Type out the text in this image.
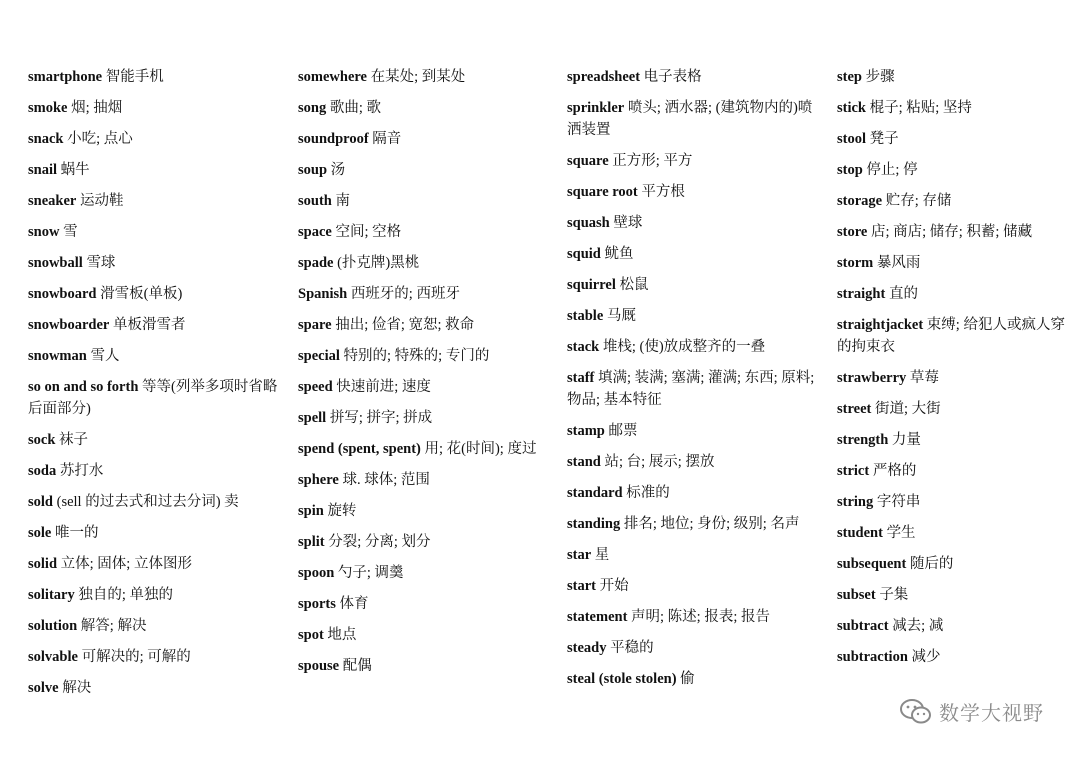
smartphone 智能手机
smoke 烟; 抽烟
snack 小吃; 点心
snail 蜗牛
sneaker 运动鞋
snow 雪
snowball 雪球
snowboard 滑雪板(单板)
snowboarder 单板滑雪者
snowman 雪人
so on and so forth 等等(列举多项时省略后面部分)
sock 袜子
soda 苏打水
sold (sell 的过去式和过去分词) 卖
sole 唯一的
solid 立体; 固体; 立体图形
solitary 独自的; 单独的
solution 解答; 解决
solvable 可解决的; 可解的
solve 解决
somewhere 在某处; 到某处
song 歌曲; 歌
soundproof 隔音
soup 汤
south 南
space 空间; 空格
spade (扑克牌)黑桃
Spanish 西班牙的; 西班牙
spare 抽出; 俭省; 宽恕; 救命
special 特别的; 特殊的; 专门的
speed 快速前进; 速度
spell 拼写; 拼字; 拼成
spend (spent, spent) 用; 花(时间); 度过
sphere 球. 球体; 范围
spin 旋转
split 分裂; 分离; 划分
spoon 勺子; 调羹
sports 体育
spot 地点
spouse 配偶
spreadsheet 电子表格
sprinkler 喷头; 洒水器; (建筑物内的)喷洒装置
square 正方形; 平方
square root 平方根
squash 壁球
squid 鱿鱼
squirrel 松鼠
stable 马厩
stack 堆栈; (使)放成整齐的一叠
staff 填满; 装满; 塞满; 灌满; 东西; 原料; 物品; 基本特征
stamp 邮票
stand 站; 台; 展示; 摆放
standard 标准的
standing 排名; 地位; 身份; 级别; 名声
star 星
start 开始
statement 声明; 陈述; 报表; 报告
steady 平稳的
steal (stole stolen) 偷
step 步骤
stick 棍子; 粘贴; 坚持
stool 凳子
stop 停止; 停
storage 贮存; 存储
store 店; 商店; 储存; 积蓄; 储藏
storm 暴风雨
straight 直的
straightjacket 束缚; 给犯人或疯人穿的拘束衣
strawberry 草莓
street 街道; 大街
strength 力量
strict 严格的
string 字符串
student 学生
subsequent 随后的
subset 子集
subtract 减去; 减
subtraction 减少
数学大视野
